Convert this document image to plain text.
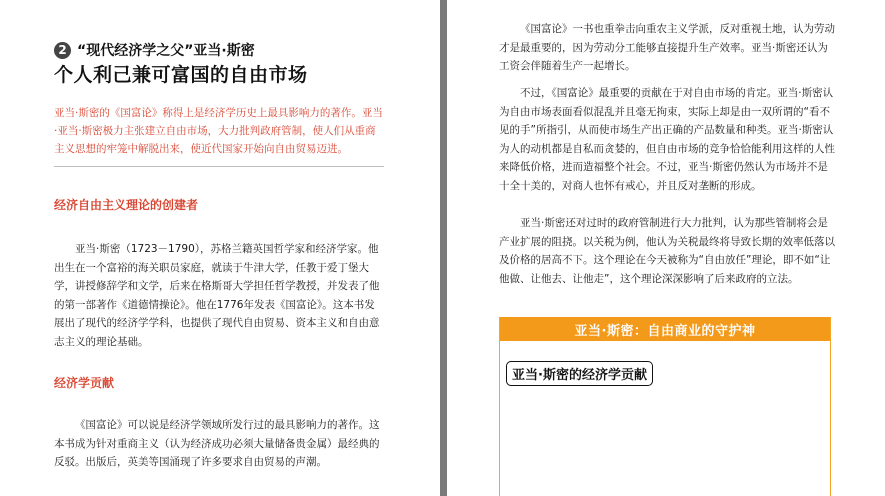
2 “现代经济学之父”亚当·斯密
个人利己兼可富国的自由市场
亚当·斯密的《国富论》称得上是经济学历史上最具影响力的著作。亚当·亚当·斯密极力主张建立自由市场，大力批判政府管制，使人们从重商主义思想的牢笼中解脱出来，使近代国家开始向自由贸易迈进。
经济自由主义理论的创建者

亚当·斯密（1723－1790），苏格兰籍英国哲学家和经济学家。他出生在一个富裕的海关职员家庭，就读于牛津大学，任教于爱丁堡大学，讲授修辞学和文学，后来在格斯哥大学担任哲学教授，并发表了他的第一部著作《道德情操论》。他在1776年发表《国富论》。这本书发展出了现代的经济学学科，也提供了现代自由贸易、资本主义和自由意志主义的理论基础。

经济学贡献

《国富论》可以说是经济学领域所发行过的最具影响力的著作。这本书成为针对重商主义（认为经济成功必须大量储备贵金属）最经典的反驳。出版后，英美等国涌现了许多要求自由贸易的声潮。

《国富论》一书也重拳击向重农主义学派，反对重视土地，认为劳动才是最重要的，因为劳动分工能够直接提升生产效率。亚当·斯密还认为工资会伴随着生产一起增长。

不过，《国富论》最重要的贡献在于对自由市场的肯定。亚当·斯密认为自由市场表面看似混乱并且毫无拘束，实际上却是由一双所谓的“看不见的手”所指引，从而使市场生产出正确的产品数量和种类。亚当·斯密认为人的动机都是自私而贪婪的，但自由市场的竞争恰恰能利用这样的人性来降低价格，进而造福整个社会。不过，亚当·斯密仍然认为市场并不是十全十美的，对商人也怀有戒心，并且反对垄断的形成。

亚当·斯密还对过时的政府管制进行大力批判，认为那些管制将会是产业扩展的阻挠。以关税为例，他认为关税最终将导致长期的效率低落以及价格的居高不下。这个理论在今天被称为“自由放任”理论，即不如“让他做、让他去、让他走”，这个理论深深影响了后来政府的立法。

亚当·斯密：自由商业的守护神
亚当·斯密的经济学贡献
